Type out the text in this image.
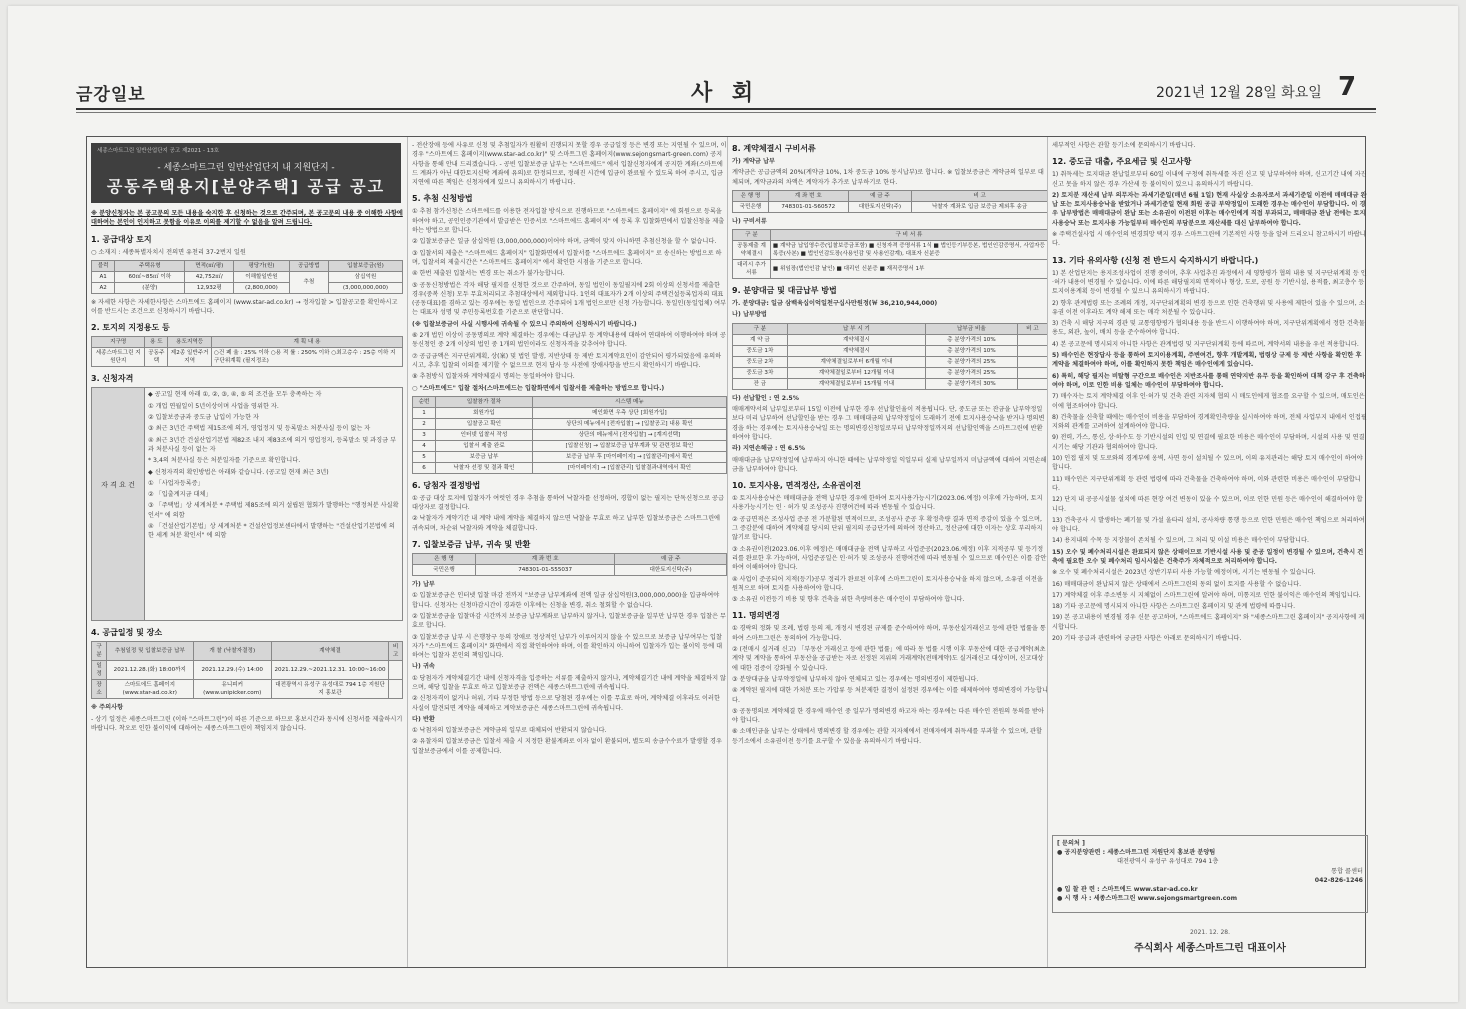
금강일보	사 회	2021년 12월 28일 화요일 7
세종스마트그린 일반산업단지 공고 제2021 - 13호
- 세종스마트그린 일반산업단지 내 지원단지 -
공동주택용지[분양주택] 공급 공고

※ 분양신청자는 본 공고문의 모든 내용을 숙지한 후 신청하는 것으로 간주되며, 본 공고문의 내용 중 이해한 사항에 대하여는 본인이 인지하고 못함을 이유로 이의를 제기할 수 없음을 알려 드립니다.

1. 공급대상 토지

○ 소재지 : 세종특별자치시 전의면 유천리 37-2번지 일원

블럭	주택유형	면적(㎡/평)	평당가(원)	공급방법	입찰보증금(원)
A1	60㎡~85㎡ 이하	42,752㎡/	이해할일반원	추첨	삼십억원
A2	(분양)	12,932평	(2,800,000)		(3,000,000,000)

※ 자세한 사항은 자세한사항은 스마트에드 홈페이지 (www.star-ad.co.kr) → 정자입찰 > 입찰공고를 확인하시고 이를 반드시는 조건으로 신청하시기 바랍니다.

2. 토지의 지정용도 등
지구명	용 도	용도지역등	계 획 내 용
세종스마트그린 지원단지	공동주택	제2종 일반주거지역	○건 폐 율 : 25% 이하 ○용 적 률 : 250% 이하 ○최고층수 : 25층 이하 지구단위계획 (필지정조)
3. 신청자격
자 격 요 건

◆ 공고일 현재 아래 ①, ②, ③, ④, ⑤ 의 조건을 모두 충족하는 자

① 개업 연월일이 5년이상이며 사업을 영위한 자.

② 입찰보증금과 중도금 납입이 가능한 자

③ 최근 3년간 주택법 제15조에 의거, 영업정지 및 등록말소 처분사실 등이 없는 자

④ 최근 3년간 건설산업기본법 제82조 내지 제83조에 의거 영업정지, 등록말소 및 과징금 부과 처분사실 등이 없는 자

* 3,4의 처분사실 등은 처분일자를 기준으로 확인합니다.

◆ 신청자격의 확인방법은 아래와 같습니다. (공고일 현재 최근 3년)

① 「사업자등록증」

② 「입출계지금 대체」

③ 「주택법」상 세계처분 * 주택법 제85조에 의거 설립된 협회가 발행하는 "행정처분 사실확인서" 에 의함

④ 「건설산업기본법」상 세계처분 * 건설산업정보센터에서 발행하는 "건설산업기본법에 의한 세계 처분 확인서" 에 의함

4. 공급일정 및 장소
구 분	추첨일정 및 입찰보증금 납부	개 찰 (낙찰자결정)	계약체결	비고
일 정	2021.12.28.(화) 18:00까지	2021.12.29.(수) 14:00	2021.12.29.~2021.12.31. 10:00~16:00	
장 소	스마트에드 홈페이지 (www.star-ad.co.kr)	유니피커 (www.unipicker.com)	대전광역시 유성구 유성대로 794 1층 지원단지 홍보관	

※ 주의사항

- 상기 일정은 세종스마트그린 (이하 "스마트그린")이 따른 기준으로 하므로 홍보시간과 동시에 신청서를 제출하시기 바랍니다. 착오로 인한 불이익에 대하여는 세종스마트그린이 책임지지 않습니다.

- 전산장애 등에 사유로 신청 및 추첨일자가 원활히 진행되지 못할 경우 공급일정 등은 변경 또는 지연될 수 있으며, 이 경우 "스마트에드 홈페이지(www.star-ad.co.kr)" 및 스마트그린 홈페이지(www.sejongsmart-green.com) 공지사항을 통해 안내 드리겠습니다. - 공빈 입찰보증금 납부는 "스마트에드" 에서 입찰신청자에게 공지한 계좌(스마트에드 계좌가 아닌 대한토지신탁 계좌에 유의)로 한정되므로, 정해진 시간에 입금이 완료될 수 있도록 하여 주시고, 입금지연에 따른 책임은 신청자에게 있으니 유의하시기 바랍니다.

5. 추첨 신청방법

① 추첨 참가신청은 스마트에드를 이용한 전자입찰 방식으로 진행하므로 "스마트에드 홈페이지" 에 회원으로 등록을 하여야 하고, 공인인증기관에서 발급받은 인증서로 "스마트에드 홈페이지" 에 등록 후 입찰화면에서 입찰신청을 제출하는 방법으로 합니다.

② 입찰보증금은 일금 삼십억원 (3,000,000,000)이어야 하며, 금액이 맞지 아니하면 추첨신청을 할 수 없습니다.

③ 입찰서의 제출은 "스마트에드 홈페이지" 입찰화면에서 입찰서를 "스마트에드 홈페이지" 로 송신하는 방법으로 하며, 입찰서의 제출시간은 "스마트에드 홈페이지" 에서 확인한 시점을 기준으로 합니다.

④ 한번 제출된 입찰서는 변경 또는 취소가 불가능합니다.

⑤ 공동신청방법은 각자 해당 필지를 신청한 것으로 간주하며, 동일 법인이 동일필지에 2회 이상의 신청서를 제출한 경우(중복 신청) 모두 무효처리되고 추첨대상에서 제외합니다. 1인의 대표자가 2개 이상의 주택건설등록업자의 대표(공동대표)를 겸하고 있는 경우에는 동일 법인으로 간주되어 1개 법인으로만 신청 가능합니다. 동일인(동일업체) 여부는 대표자 성명 및 주민등록번호를 기준으로 판단합니다.

(※ 입찰보증금이 사실 시행사에 귀속될 수 있으니 주의하여 신청하시기 바랍니다.)

⑥ 2개 법인 이상이 공동명의로 계약 체결하는 경우에는 대금납부 등 계약내용에 대하여 연대하여 이행하여야 하며 공동신청인 중 2개 이상의 법인 중 1개의 법인이라도 신청자격을 갖추어야 합니다.

⑦ 공급금액은 지구단위계획, 상(案) 및 법인 발생, 지반상태 등 제반 토지계약요인이 감안되어 평가되었음에 유의하시고, 추후 입찰의 이의를 제기할 수 없으므로 현지 답사 등 사전에 장애사항을 반드시 확인하시기 바랍니다.

⑧ 추첨방식 입찰자와 계약체결시 명의는 동일하여야 합니다.

○ "스마트에드" 입찰 절차(스마트에드는 입찰화면에서 입찰서를 제출하는 방법으로 합니다.)

순번	입찰참가 절차	시스템 메뉴
1	회원가입	메인화면 우측 상단 [회원가입]
2	입찰공고 확인	상단의 메뉴에서 [전자입찰] → [입찰공고] 내용 확인
3	인터넷 입찰서 작성	상단의 메뉴에서 [전자입찰] → [계지선택]
4	입찰서 제출 완료	[입찰신청] → 입찰보증금 납부계좌 및 관련정보 확인
5	보증금 납부	보증금 납부 후 [마이페이지] → [입찰관리]에서 확인
6	낙찰자 선정 및 결과 확인	[마이페이지] → [입찰관리] 입찰결과내역에서 확인
6. 당첨자 결정방법

① 공급 대상 토지에 입찰자가 여럿인 경우 추첨을 통하여 낙찰자를 선정하며, 경합이 없는 필지는 단독신청으로 공급대상자로 결정합니다.

② 낙찰자가 계약기간 내 계약 내에 계약을 체결하지 않으면 낙찰을 무효로 하고 납부한 입찰보증금은 스마트그린에 귀속되며, 차순위 낙찰자와 계약을 체결합니다.

7. 입찰보증금 납부, 귀속 및 반환
은 행 명	계 좌 번 호	예 금 주
국민은행	748301-01-555037	대한토지신탁(주)

가) 납부

① 입찰보증금은 인터넷 입찰 마감 전까지 "보증금 납부계좌에 전액 일금 삼십억원(3,000,000,000)을 입금하여야 합니다. 신청자는 신청마감시간이 경과한 이후에는 신청을 변경, 취소 철회할 수 없습니다.

② 입찰보증금을 입찰마감 시간까지 보증금 납부계좌로 납부하지 않거나, 입찰보증금을 일부만 납부한 경우 입찰은 무효로 합니다.

③ 입찰보증금 납부 시 은행창구 등의 장애로 정상적인 납부가 이루어지지 않을 수 있으므로 보증금 납부여부는 입찰자가 "스마트에드 홈페이지" 화면에서 직접 확인하여야 하며, 이를 확인하지 아니하여 입찰자가 입는 불이익 등에 대하여는 입찰자 본인의 책임입니다.

나) 귀속

① 당첨자가 계약체결기간 내에 신청자격을 입증하는 서류를 제출하지 않거나, 계약체결기간 내에 계약을 체결하지 않으며, 해당 입찰을 무효로 하고 입찰보증금 전액은 세종스마트그린에 귀속됩니다.

② 신청자격이 없거나 허위, 기타 부정한 방법 등으로 당첨된 경우에는 이를 무효로 하며, 계약체결 이후라도 이러한 사실이 발견되면 계약을 해제하고 계약보증금은 세종스마트그린에 귀속됩니다.

다) 반환

① 낙첨자의 입찰보증금은 계약금의 일부로 대체되어 반환되지 않습니다.

② 유찰자의 입찰보증금은 입찰서 제출 시 지정한 환불계좌로 이자 없이 환불되며, 별도의 송금수수료가 발생할 경우 입찰보증금에서 이를 공제합니다.

8. 계약체결시 구비서류

가) 계약금 납부

계약금은 공급금액의 20%(계약금 10%, 1차 중도금 10% 동시납부)로 합니다. ※ 입찰보증금은 계약금의 일부로 대체되며, 계약금과의 차액은 계약자가 추가로 납부하기로 한다.

은 행 명	계 좌 번 호	예 금 주	비 고
국민은행	748301-01-560572	대한토지신탁(주)	낙찰자 계좌로 입금 보증금 제외후 송금

나) 구비서류

구 분	구 비 서 류
공통제출 계약체결시	■ 계약금 납입영수증(입찰보증금포함) ■ 신청자격 증명서류 1식 ■ 법인등기부등본, 법인인감증명서, 사업자등록증(사본) ■ 법인인감도장(사용인감 및 사용인감계), 대표자 신분증
대리시 추가서류	■ 위임장(법인인감 날인) ■ 대리인 신분증 ■ 재직증명서 1부
9. 분양대금 및 대금납부 방법

가. 분양대금: 일금 삼백육십이억일천구십사만원정(￦ 36,210,944,000)

나) 납부방법

구 분	납 부 시 기	납부금 비율	비 고
계 약 금	계약체결시	총 분양가격의 10%	
중도금 1차	계약체결시	총 분양가격의 10%	
중도금 2차	계약체결일로부터 6개월 이내	총 분양가격의 25%	
중도금 3차	계약체결일로부터 12개월 이내	총 분양가격의 25%	
잔 금	계약체결일로부터 15개월 이내	총 분양가격의 30%	

다) 선납할인 : 연 2.5%

매매계약서의 납부일로부터 15일 이전에 납부한 경우 선납할인율이 적용됩니다. 단, 중도금 또는 잔금을 납부약정일 보다 미리 납부하여 선납할인을 받는 경우 그 매매대금의 납부약정일이 도래하기 전에 토지사용승낙을 받거나 명의변경을 하는 경우에는 토지사용승낙일 또는 명의변경신청일로부터 납부약정일까지의 선납할인액을 스마트그린에 반환하여야 합니다.

라) 지연손해금 : 연 6.5%

매매대금을 납부약정일에 납부하지 아니한 때에는 납부약정일 익일부터 실제 납부일까지 미납금액에 대하여 지연손해금을 납부하여야 합니다.

10. 토지사용, 면적정산, 소유권이전

① 토지사용승낙은 매매대금을 전액 납부한 경우에 한하여 토지사용가능시기(2023.06.예정) 이후에 가능하며, 토지사용가능시기는 인 · 허가 및 조성공사 진행여건에 따라 변동될 수 있습니다.

② 공급면적은 조성사업 준공 전 가분할된 면적이므로, 조성공사 준공 후 확정측량 결과 면적 증감이 있을 수 있으며, 그 증감분에 대하여 계약체결 당시의 단위 필지의 공급단가에 의하여 정산하고, 정산금에 대한 이자는 상호 부리하지 않기로 합니다.

③ 소유권이전(2023.06.이후 예정)은 매매대금을 전액 납부하고 사업준공(2023.06.예정) 이후 지적공부 및 등기정리를 완료한 후 가능하며, 사업준공일은 인·허가 및 조성공사 진행여건에 따라 변동될 수 있으므로 매수인은 이를 감안하여 이해하여야 합니다.

④ 사업이 준공되어 지적(등기)공부 정리가 완료된 이후에 스마트그린이 토지사용승낙을 하지 않으며, 소유권 이전을 원칙으로 하며 토지를 사용하여야 합니다.

⑤ 소유권 이전등기 비용 및 향후 건축을 위한 측량비용은 매수인이 부담하여야 합니다.

11. 명의변경

① 경락의 정화 및 조례, 법령 등의 제, 개정시 변경된 규제를 준수하여야 하며, 부동산실거래신고 등에 관한 법률을 통하여 스마트그린은 동의하여 가능합니다.

② (전매시 실거래 신고) 「부동산 거래신고 등에 관한 법률」에 따라 동 법률 시행 이후 부동산에 대한 공급계약(최초계약 및 계약을 통하여 부동산을 공급받는 자로 선정된 지위의 거래계약(전매계약)도 실거래신고 대상이며, 신고대상에 대한 검증이 강화될 수 있습니다.

③ 분양대금을 납부약정일에 납부하지 않아 연체되고 있는 경우에는 명의변경이 제한됩니다.

④ 계약된 필지에 대한 가처분 또는 가압류 등 처분제한 결정이 설정된 경우에는 이를 해제하여야 명의변경이 가능합니다.

⑤ 공동명의로 계약체결 한 경우에 매수인 중 일부가 명의변경 하고자 하는 경우에는 다른 매수인 전원의 동의를 받아야 합니다.

⑥ 소매인금을 납부는 상태에서 명의변경 할 경우에는 관할 지자체에서 전매자에게 취득세를 부과할 수 있으며, 관할 등기소에서 소유권이전 등기를 요구할 수 있음을 유의하시기 바랍니다.

세부적인 사항은 관할 등기소에 문의하시기 바랍니다.

12. 중도금 대출, 주요세금 및 신고사항

1) 취득세는 토지대금 완납일로부터 60일 이내에 구청에 취득세를 자진 신고 및 납부하여야 하며, 신고기간 내에 자진신고 못을 하지 않은 경우 가산세 등 불이익이 있으니 유의하시기 바랍니다.

2) 토지분 재산세 납부 의무자는 과세기준일(매년 6월 1일) 현재 사실상 소유자로서 과세기준일 이전에 매매대금 완납 또는 토지사용승낙을 받았거나 과세기준일 현재 회원 공급 부약정일이 도래한 경우는 매수인이 부담합니다. 이 경우 납부방법은 매매대금이 완납 또는 소유권이 이전된 이후는 매수인에게 직접 부과되고, 매매대금 완납 전에는 토지사용승낙 또는 토지사용 가능일부터 매수인의 부담분으로 재산세를 대신 납부하여야 합니다.

※ 주택건설사업 시 매수인의 변경희망 택지 경우 스마트그린에 기본적인 사항 등을 알려 드리오니 참고하시기 바랍니다.

13. 기타 유의사항 (신청 전 반드시 숙지하시기 바랍니다.)

1) 본 산업단지는 용지조성사업이 진행 중이며, 추후 사업추진 과정에서 세 영향평가 협의 내용 및 지구단위계획 등 인·허가 내용이 변경될 수 있습니다. 이에 따른 해당필지의 면적이나 형상, 도로, 공원 등 기반시설, 용적률, 최고층수 등 토지이용계획 등이 변경될 수 있으니 유의하시기 바랍니다.

2) 향후 관계법령 또는 조례의 개정, 지구단위계획의 변경 등으로 인한 건축행위 및 사용에 제한이 있을 수 있으며, 소유권 이전 이후라도 계약 해제 또는 매각 처분될 수 있습니다.

3) 건축 시 해당 지구의 경관 및 교통영향평가 협의내용 등을 반드시 이행하여야 하며, 지구단위계획에서 정한 건축물 용도, 외관, 높이, 배치 등을 준수하여야 합니다.

4) 본 공고문에 명시되지 아니한 사항은 관계법령 및 지구단위계획 등에 따르며, 계약서의 내용을 우선 적용합니다.

5) 배수인은 현장답사 등을 통하여 토지이용계획, 주변여건, 향후 개발계획, 법령상 규제 등 제반 사항을 확인한 후 계약을 체결하여야 하며, 이를 확인하지 못한 책임은 매수인에게 있습니다.

6) 특히, 해당 필지는 비탈형 구간으로 배수인은 지반조사를 통해 연약지반 유무 등을 확인하여 대책 강구 후 건축하여야 하며, 이로 인한 비용 일체는 매수인이 부담하여야 합니다.

7) 매수자는 토지 계약체결 이후 인·허가 및 건축 관련 지자체 협의 시 매도인에게 협조를 요구할 수 있으며, 매도인은 이에 협조하여야 합니다.

8) 건축물을 신축할 때에는 매수인이 비용을 부담하여 경계확인측량을 실시하여야 하며, 전체 사업부지 내에서 인접필지와의 관계를 고려하여 설계하여야 합니다.

9) 전력, 가스, 통신, 상·하수도 등 기반시설의 인입 및 연결에 필요한 비용은 매수인이 부담하며, 시설의 사용 및 연결 시기는 해당 기관과 협의하여야 합니다.

10) 인접 필지 및 도로와의 경계부에 옹벽, 사면 등이 설치될 수 있으며, 이의 유지관리는 해당 토지 매수인이 하여야 합니다.

11) 매수인은 지구단위계획 등 관련 법령에 따라 건축물을 건축하여야 하며, 이와 관련한 비용은 매수인이 부담합니다.

12) 단지 내 공공시설물 설치에 따른 현장 여건 변동이 있을 수 있으며, 이로 인한 민원 등은 매수인이 해결하여야 합니다.

13) 건축공사 시 발생하는 폐기물 및 가설 울타리 설치, 공사차량 통행 등으로 인한 민원은 매수인 책임으로 처리하여야 합니다.

14) 용지내의 수목 등 지장물이 존치될 수 있으며, 그 처리 및 이설 비용은 매수인이 부담합니다.

15) 오수 및 폐수처리시설은 완료되지 않은 상태이므로 기반시설 사용 및 준공 일정이 변경될 수 있으며, 건축시 건축에 필요한 오수 및 폐수처리 임시시설은 건축주가 자체적으로 처리하여야 합니다.

※ 오수 및 폐수처리시설은 2023년 상반기부터 사용 가능할 예정이며, 시기는 변동될 수 있습니다.

16) 매매대금이 완납되지 않은 상태에서 스마트그린의 동의 없이 토지를 사용할 수 없습니다.

17) 계약체결 이후 주소변동 시 지체없이 스마트그린에 알려야 하며, 미통지로 인한 불이익은 매수인의 책임입니다.

18) 기타 공고문에 명시되지 아니한 사항은 스마트그린 홈페이지 및 관계 법령에 따릅니다.

19) 본 공고내용이 변경될 경우 신문 공고하며, "스마트에드 홈페이지" 와 "세종스마트그린 홈페이지" 공지사항에 게시합니다.

20) 기타 공급과 관련하여 궁금한 사항은 아래로 문의하시기 바랍니다.

[ 문의처 ]

● 공지분양관련 : 세종스마트그린 지원단지 홍보관 분양팀

대전광역시 유성구 유성대로 794 1층

통합 콜센터

042-826-1246

● 입 찰 관 련 : 스마트에드 www.star-ad.co.kr

● 시 행 사 : 세종스마트그린 www.sejongsmartgreen.com

2021. 12. 28.
주식회사 세종스마트그린 대표이사
